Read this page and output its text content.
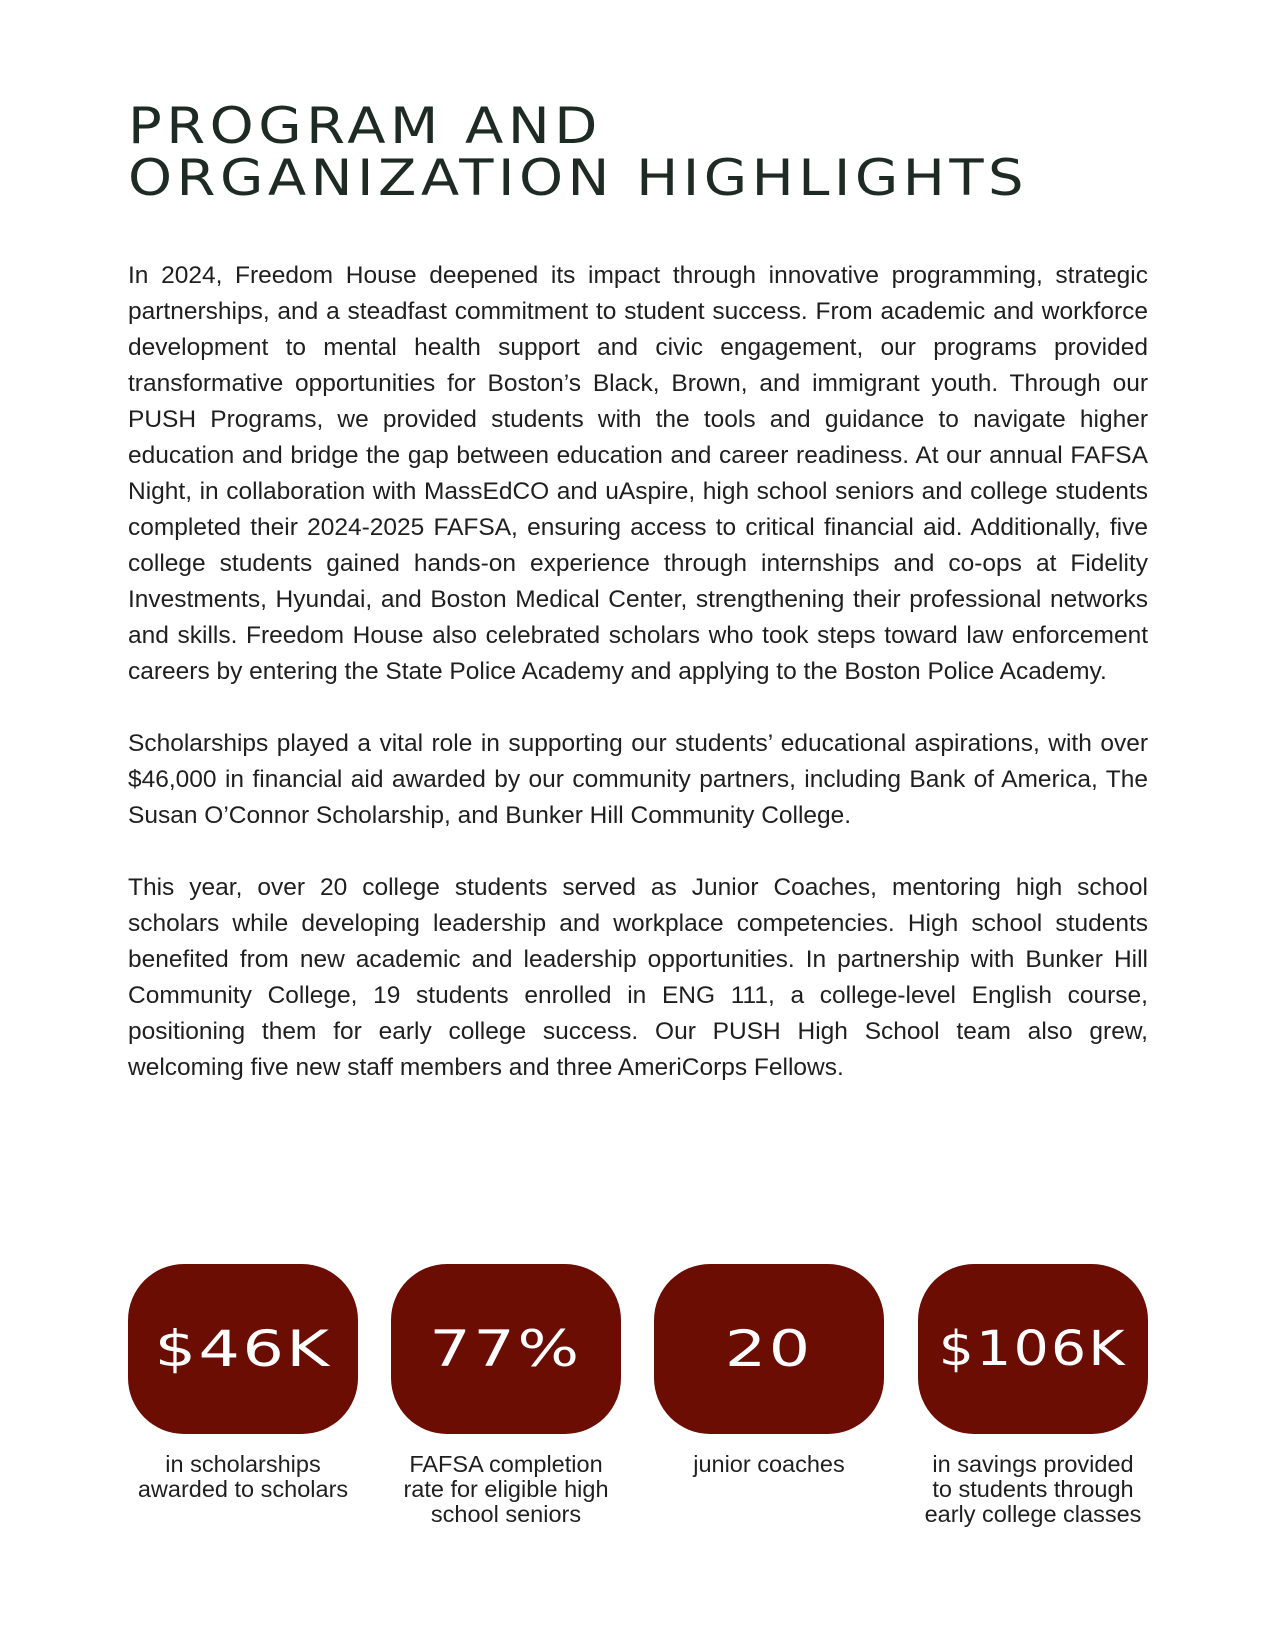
PROGRAM AND
ORGANIZATION HIGHLIGHTS

In 2024, Freedom House deepened its impact through innovative programming, strategic partnerships, and a steadfast commitment to student success. From academic and workforce development to mental health support and civic engagement, our programs provided transformative opportunities for Boston’s Black, Brown, and immigrant youth. Through our PUSH Programs, we provided students with the tools and guidance to navigate higher education and bridge the gap between education and career readiness. At our annual FAFSA Night, in collaboration with MassEdCO and uAspire, high school seniors and college students completed their 2024-2025 FAFSA, ensuring access to critical financial aid. Additionally, five college students gained hands-on experience through internships and co-ops at Fidelity Investments, Hyundai, and Boston Medical Center, strengthening their professional networks and skills. Freedom House also celebrated scholars who took steps toward law enforcement careers by entering the State Police Academy and applying to the Boston Police Academy.

Scholarships played a vital role in supporting our students’ educational aspirations, with over $46,000 in financial aid awarded by our community partners, including Bank of America, The Susan O’Connor Scholarship, and Bunker Hill Community College.

This year, over 20 college students served as Junior Coaches, mentoring high school scholars while developing leadership and workplace competencies. High school students benefited from new academic and leadership opportunities. In partnership with Bunker Hill Community College, 19 students enrolled in ENG 111, a college-level English course, positioning them for early college success. Our PUSH High School team also grew, welcoming five new staff members and three AmeriCorps Fellows.

$46K
in scholarships
awarded to scholars
77%
FAFSA completion
rate for eligible high
school seniors
20
junior coaches
$106K
in savings provided
to students through
early college classes
